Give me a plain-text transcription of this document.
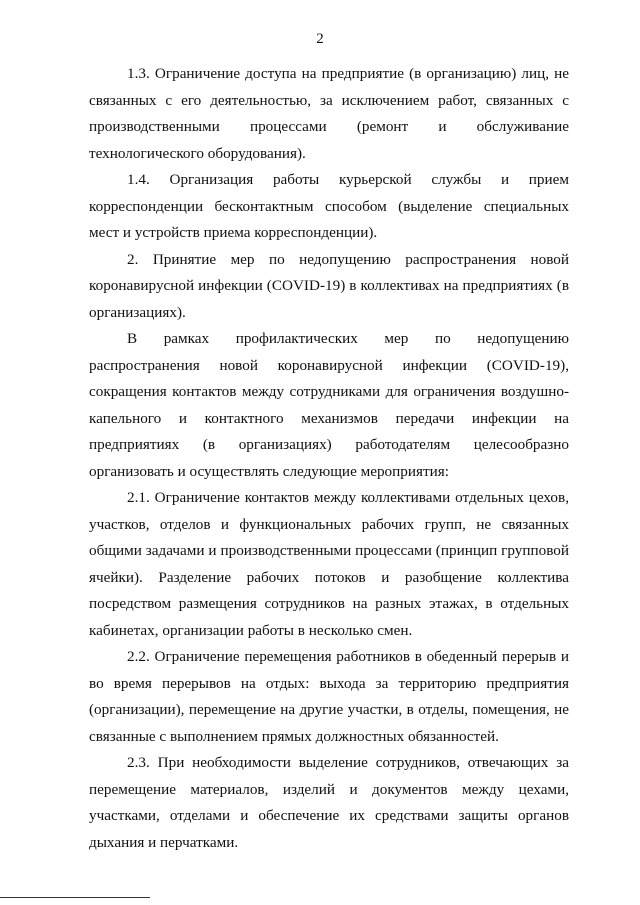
2

1.3. Ограничение доступа на предприятие (в организацию) лиц, не связанных с его деятельностью, за исключением работ, связанных с производственными процессами (ремонт и обслуживание технологического оборудования).

1.4. Организация работы курьерской службы и прием корреспонденции бесконтактным способом (выделение специальных мест и устройств приема корреспонденции).

2. Принятие мер по недопущению распространения новой коронавирусной инфекции (COVID-19) в коллективах на предприятиях (в организациях).

В рамках профилактических мер по недопущению распространения новой коронавирусной инфекции (COVID-19), сокращения контактов между сотрудниками для ограничения воздушно-капельного и контактного механизмов передачи инфекции на предприятиях (в организациях) работодателям целесообразно организовать и осуществлять следующие мероприятия:

2.1. Ограничение контактов между коллективами отдельных цехов, участков, отделов и функциональных рабочих групп, не связанных общими задачами и производственными процессами (принцип групповой ячейки). Разделение рабочих потоков и разобщение коллектива посредством размещения сотрудников на разных этажах, в отдельных кабинетах, организации работы в несколько смен.

2.2. Ограничение перемещения работников в обеденный перерыв и во время перерывов на отдых: выхода за территорию предприятия (организации), перемещение на другие участки, в отделы, помещения, не связанные с выполнением прямых должностных обязанностей.

2.3. При необходимости выделение сотрудников, отвечающих за перемещение материалов, изделий и документов между цехами, участками, отделами и обеспечение их средствами защиты органов дыхания и перчатками.
